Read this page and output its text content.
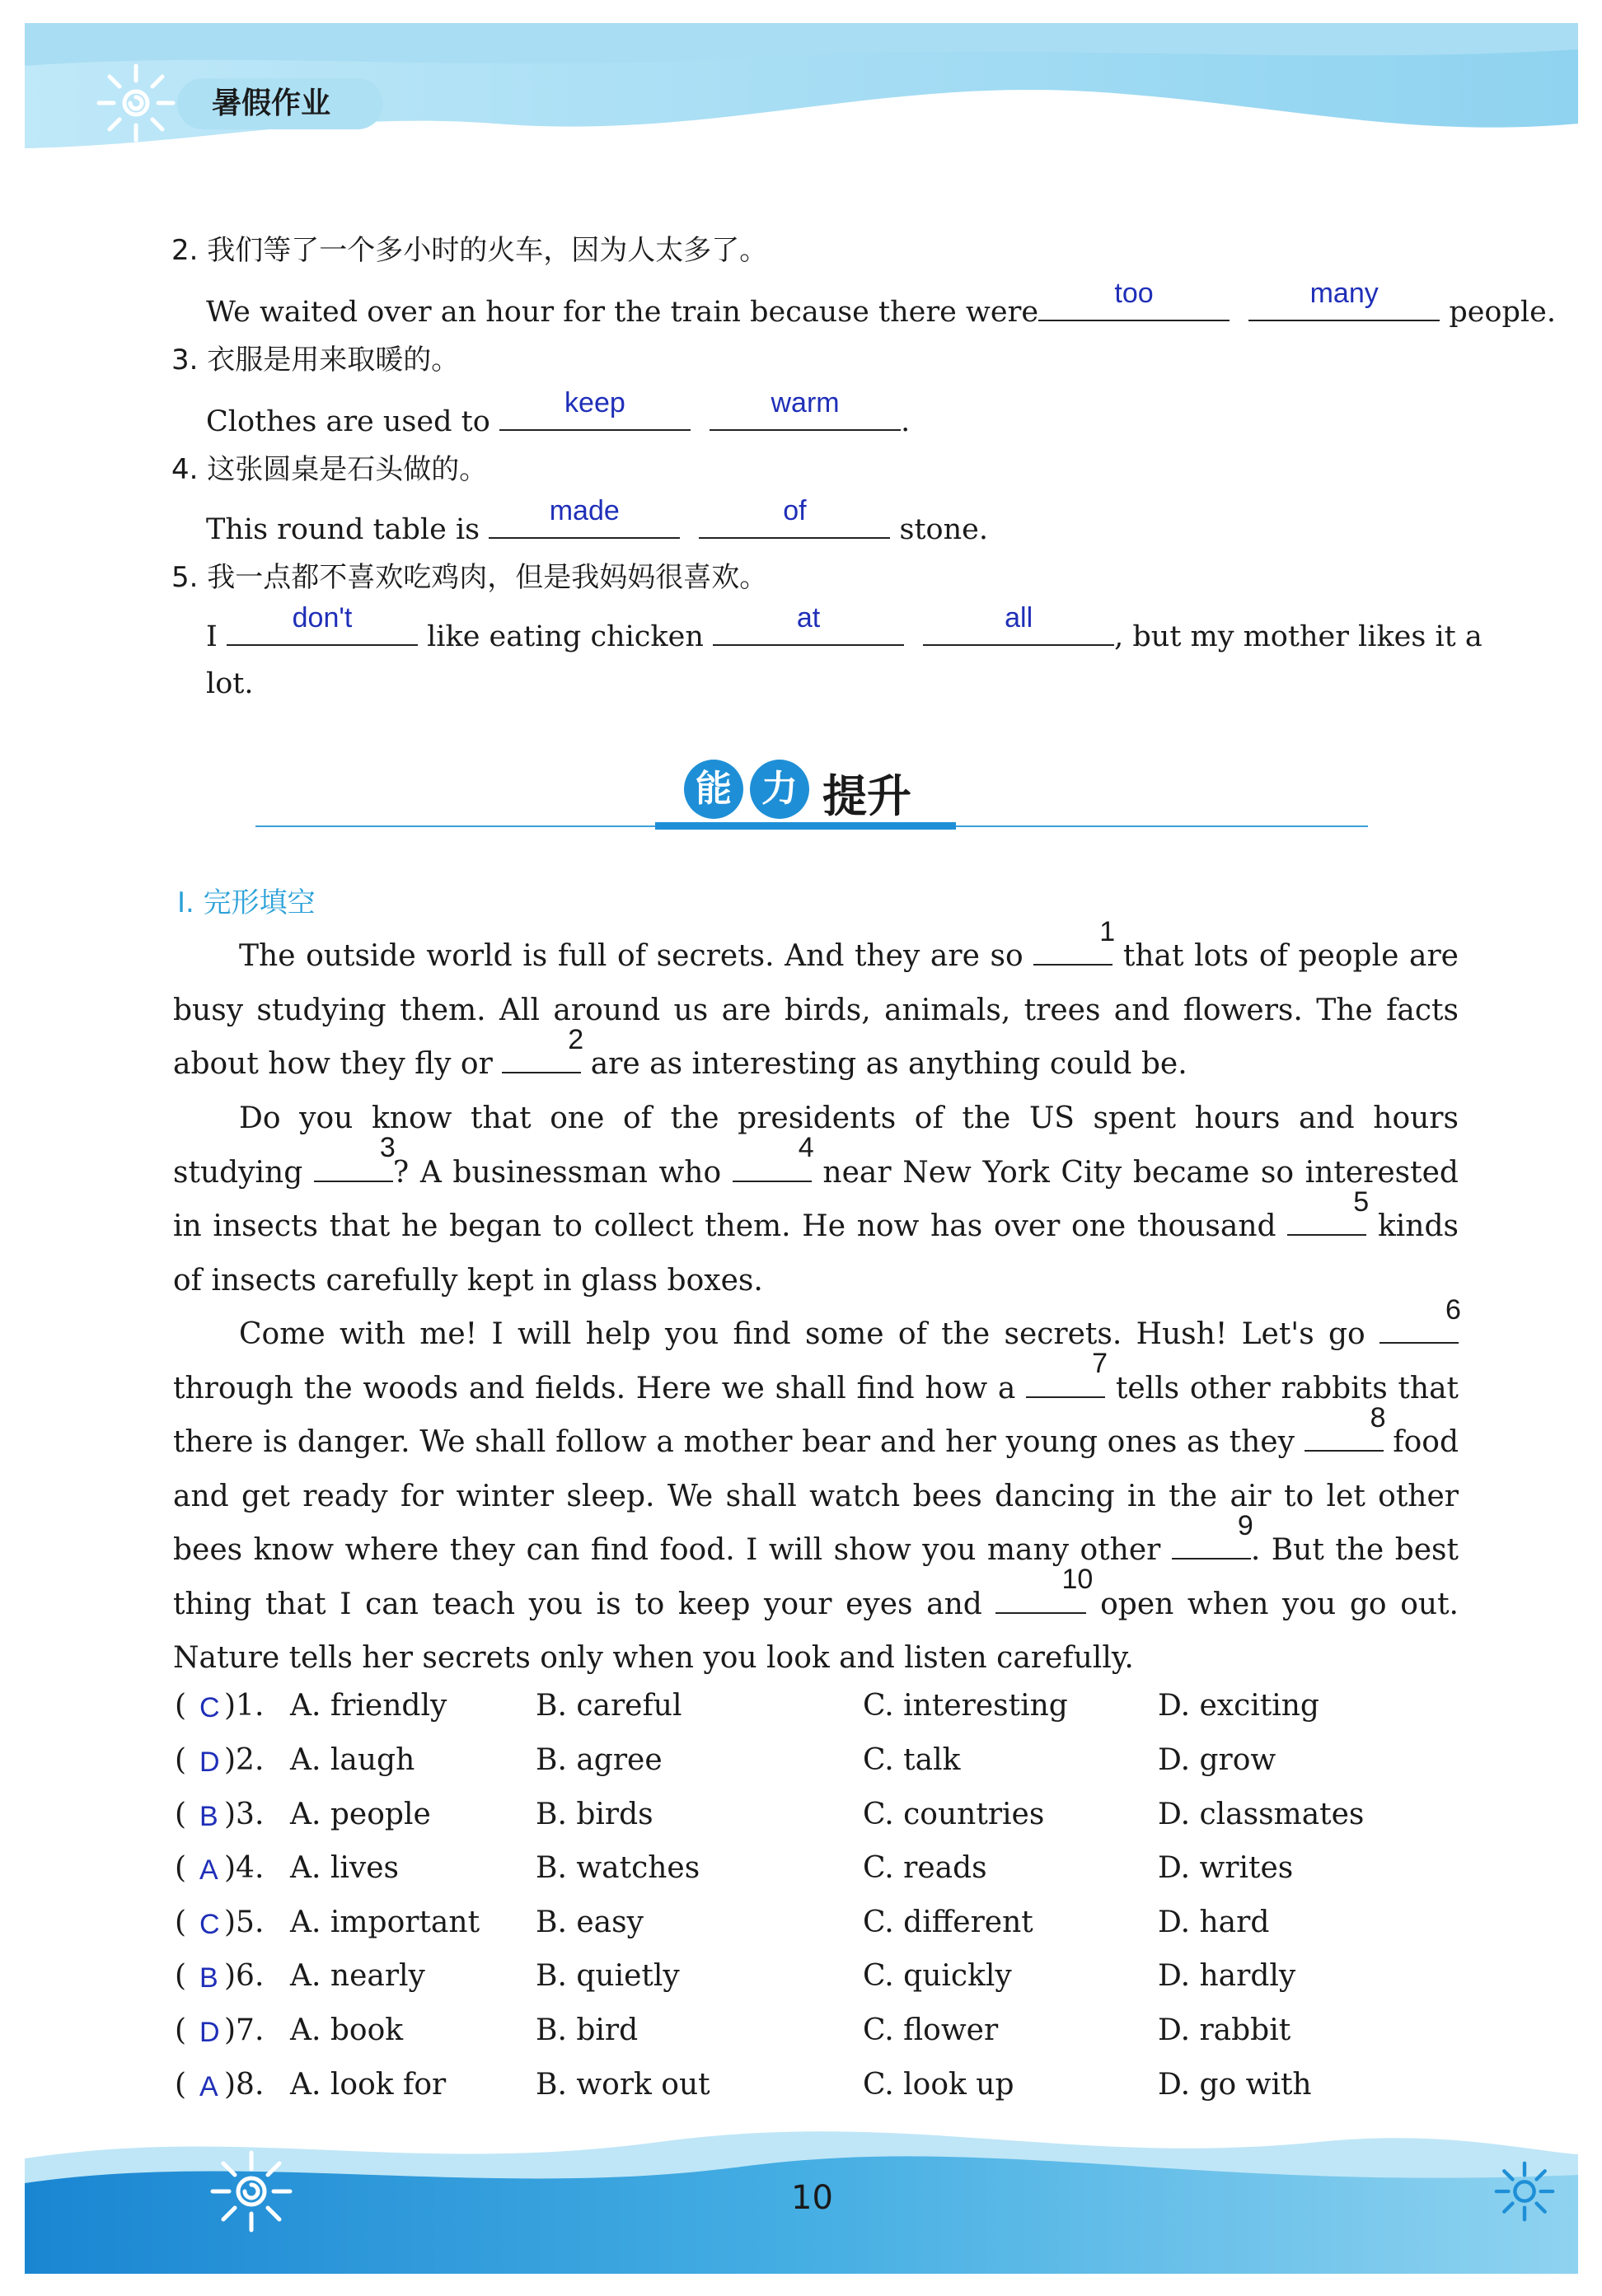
暑假作业
2. 我们等了一个多小时的火车，因为人太多了。
We waited over an hour for the train because there were
too
	many
people.
3. 衣服是用来取暖的。
Clothes are used to
keep
	warm
.
4. 这张圆桌是石头做的。
This round table is
made
	of
stone.
5. 我一点都不喜欢吃鸡肉，但是我妈妈很喜欢。
I
don't
like eating chicken
at
	all
, but my mother likes it a
lot.
能 力 提升
Ⅰ. 完形填空
The outside world is full of secrets. And they are so
1
that lots of people are busy studying them. All around us are birds, animals, trees and flowers. The facts about how they fly or
2
are as interesting as anything could be.
Do you know that one of the presidents of the US spent hours and hours studying
3
? A businessman who
4
near New York City became so interested in insects that he began to collect them. He now has over one thousand
5
kinds of insects carefully kept in glass boxes.
Come with me! I will help you find some of the secrets. Hush! Let's go
6
through the woods and fields. Here we shall find how a
7
tells other rabbits that there is danger. We shall follow a mother bear and her young ones as they
8
food and get ready for winter sleep. We shall watch bees dancing in the air to let other bees know where they can find food. I will show you many other
9
. But the best thing that I can teach you is to keep your eyes and
10
open when you go out. Nature tells her secrets only when you look and listen carefully.
( C )1. A. friendly	B. careful	C. interesting	D. exciting
( D )2. A. laugh	B. agree	C. talk	D. grow
( B )3. A. people	B. birds	C. countries	D. classmates
( A )4. A. lives	B. watches	C. reads	D. writes
( C )5. A. important B. easy	C. different	D. hard
( B )6. A. nearly	B. quietly	C. quickly	D. hardly
( D )7. A. book	B. bird	C. flower	D. rabbit
( A )8. A. look for	B. work out	C. look up	D. go with
10
